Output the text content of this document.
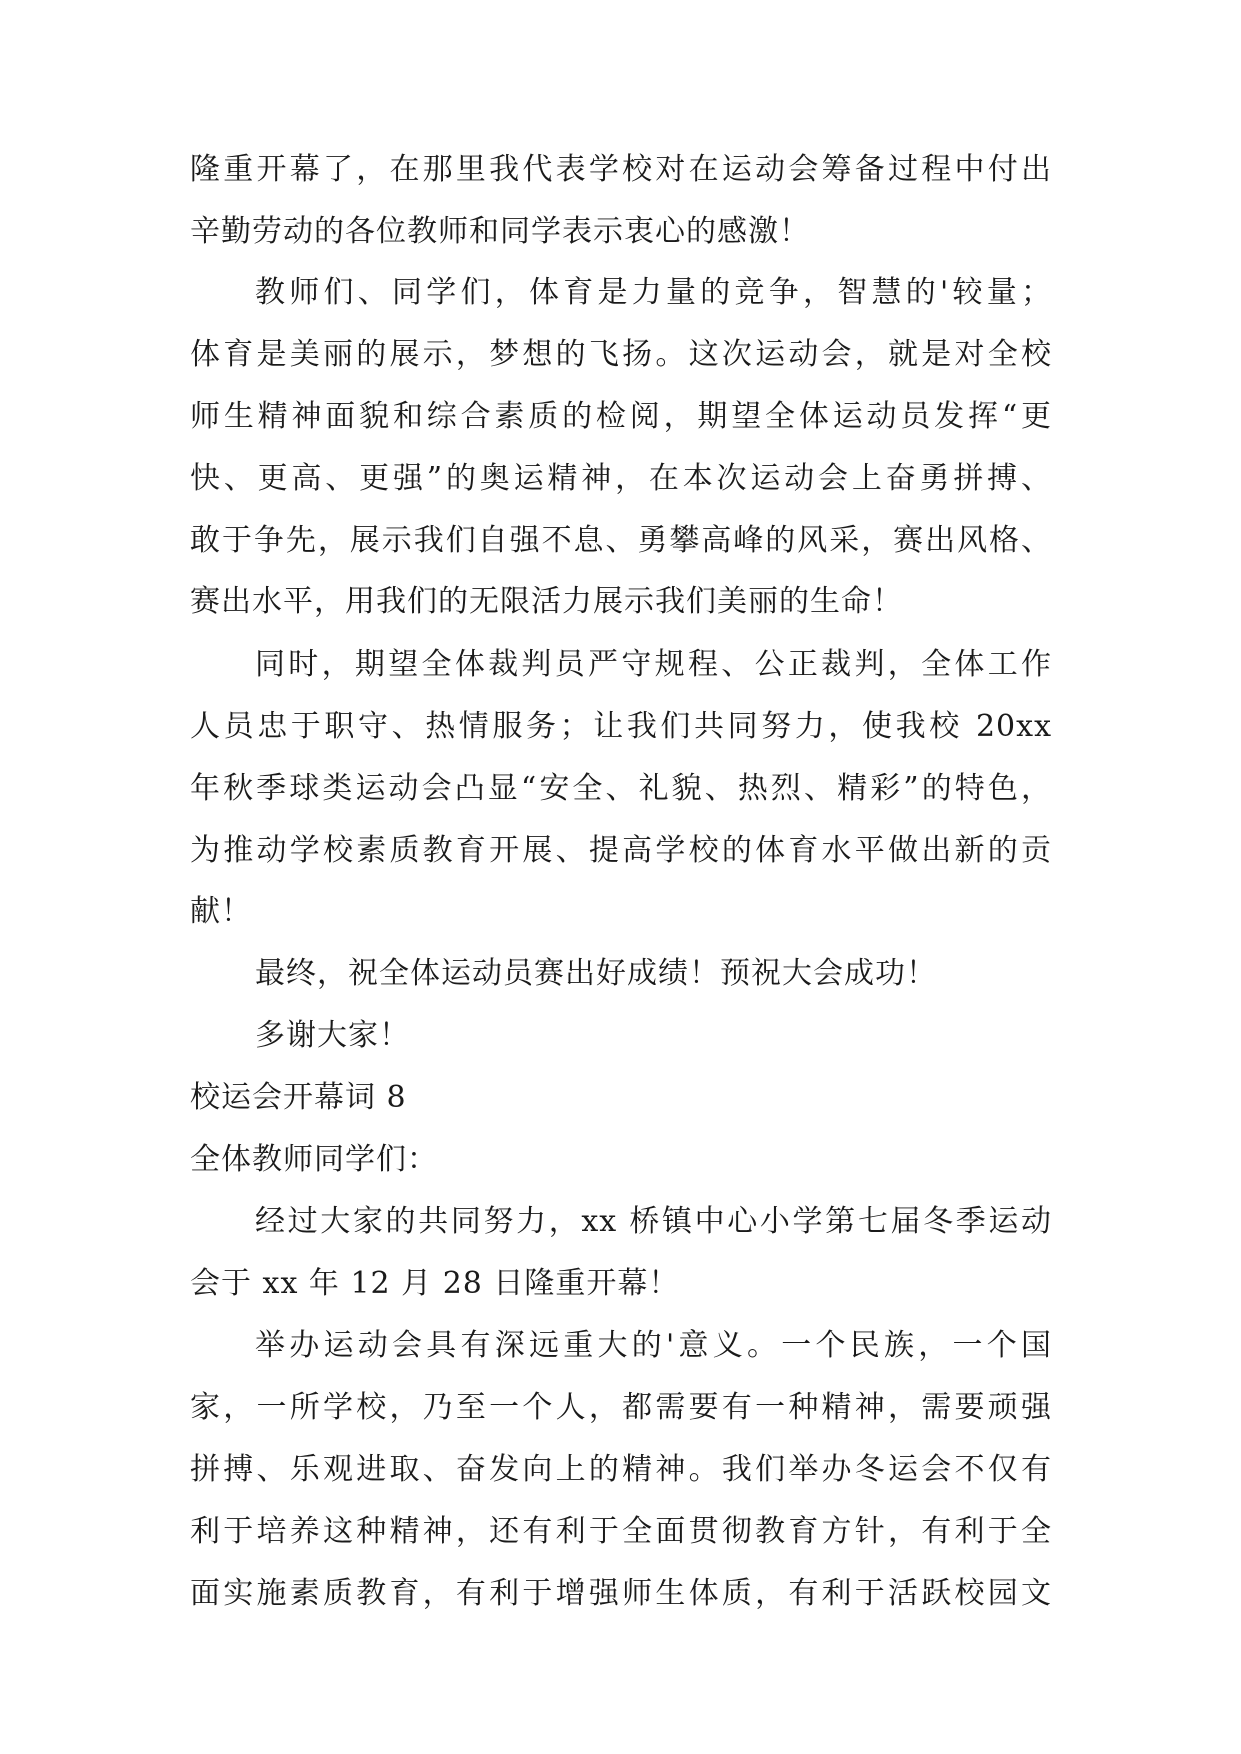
隆重开幕了，在那里我代表学校对在运动会筹备过程中付出
辛勤劳动的各位教师和同学表示衷心的感激！
教师们、同学们，体育是力量的竞争，智慧的'较量；
体育是美丽的展示，梦想的飞扬。这次运动会，就是对全校
师生精神面貌和综合素质的检阅，期望全体运动员发挥“更
快、更高、更强”的奥运精神，在本次运动会上奋勇拼搏、
敢于争先，展示我们自强不息、勇攀高峰的风采，赛出风格、
赛出水平，用我们的无限活力展示我们美丽的生命！
同时，期望全体裁判员严守规程、公正裁判，全体工作
人员忠于职守、热情服务；让我们共同努力，使我校 20xx
年秋季球类运动会凸显“安全、礼貌、热烈、精彩”的特色，
为推动学校素质教育开展、提高学校的体育水平做出新的贡
献！
最终，祝全体运动员赛出好成绩！预祝大会成功！
多谢大家！
校运会开幕词 8
全体教师同学们：
经过大家的共同努力，xx 桥镇中心小学第七届冬季运动
会于 xx 年 12 月 28 日隆重开幕！
举办运动会具有深远重大的'意义。一个民族，一个国
家，一所学校，乃至一个人，都需要有一种精神，需要顽强
拼搏、乐观进取、奋发向上的精神。我们举办冬运会不仅有
利于培养这种精神，还有利于全面贯彻教育方针，有利于全
面实施素质教育，有利于增强师生体质，有利于活跃校园文
